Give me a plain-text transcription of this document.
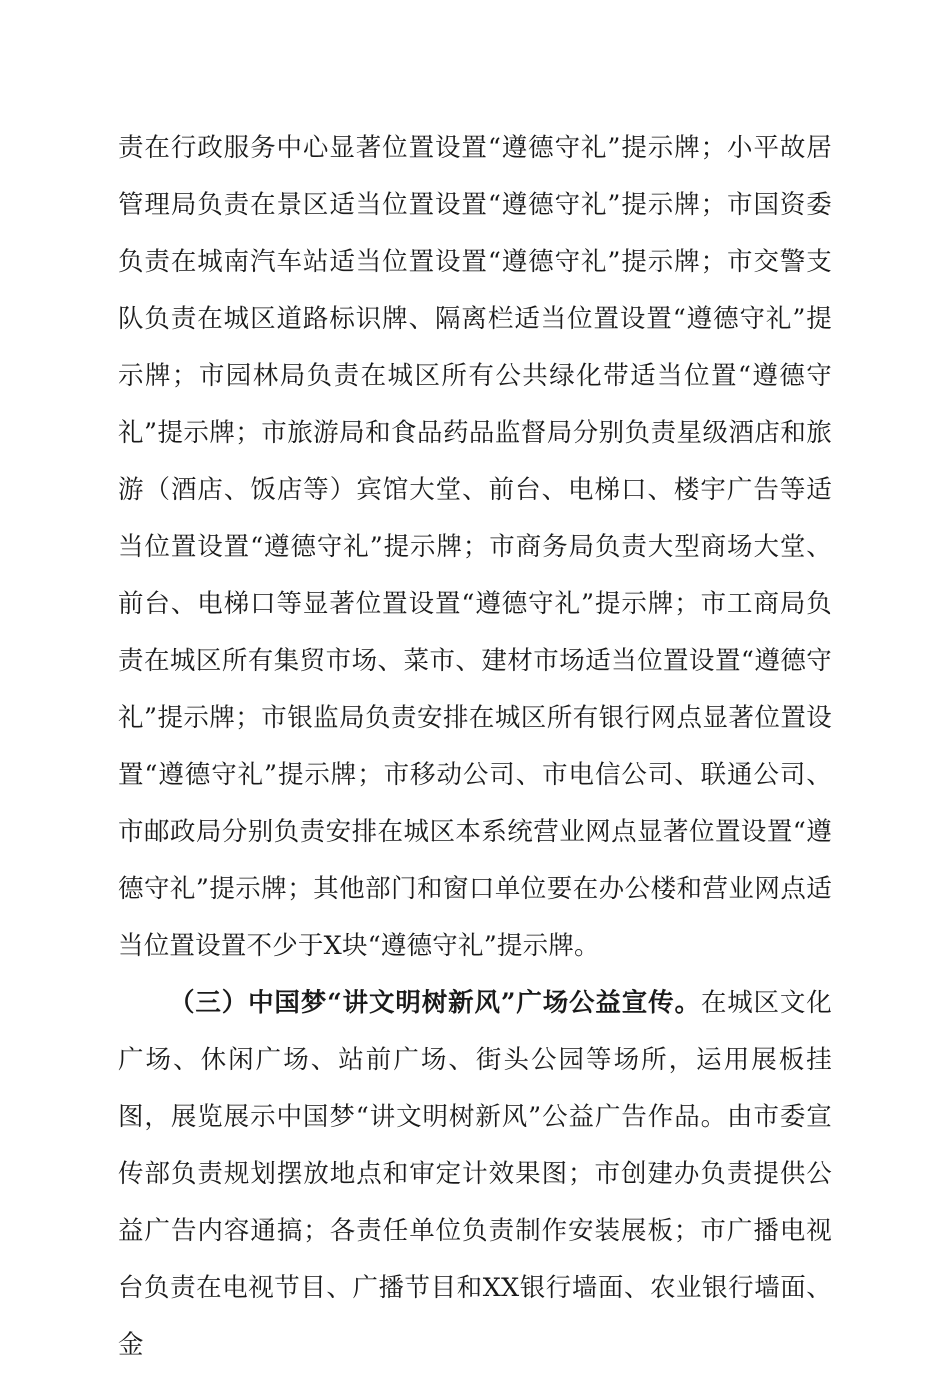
责在行政服务中心显著位置设置“遵德守礼”提示牌；小平故居管理局负责在景区适当位置设置“遵德守礼”提示牌；市国资委负责在城南汽车站适当位置设置“遵德守礼”提示牌；市交警支队负责在城区道路标识牌、隔离栏适当位置设置“遵德守礼”提示牌；市园林局负责在城区所有公共绿化带适当位置“遵德守礼”提示牌；市旅游局和食品药品监督局分别负责星级酒店和旅游（酒店、饭店等）宾馆大堂、前台、电梯口、楼宇广告等适当位置设置“遵德守礼”提示牌；市商务局负责大型商场大堂、前台、电梯口等显著位置设置“遵德守礼”提示牌；市工商局负责在城区所有集贸市场、菜市、建材市场适当位置设置“遵德守礼”提示牌；市银监局负责安排在城区所有银行网点显著位置设置“遵德守礼”提示牌；市移动公司、市电信公司、联通公司、市邮政局分别负责安排在城区本系统营业网点显著位置设置“遵德守礼”提示牌；其他部门和窗口单位要在办公楼和营业网点适当位置设置不少于X块“遵德守礼”提示牌。

（三）中国梦“讲文明树新风”广场公益宣传。在城区文化广场、休闲广场、站前广场、街头公园等场所，运用展板挂图，展览展示中国梦“讲文明树新风”公益广告作品。由市委宣传部负责规划摆放地点和审定计效果图；市创建办负责提供公益广告内容通搞；各责任单位负责制作安装展板；市广播电视台负责在电视节目、广播节目和XX银行墙面、农业银行墙面、金
